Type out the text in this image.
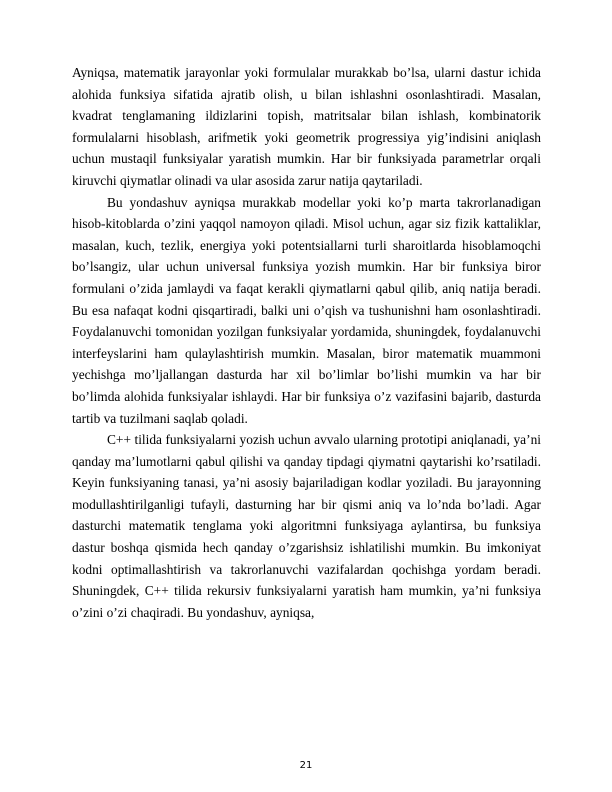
Ayniqsa, matematik jarayonlar yoki formulalar murakkab bo’lsa, ularni dastur ichida alohida funksiya sifatida ajratib olish, u bilan ishlashni osonlashtiradi. Masalan, kvadrat tenglamaning ildizlarini topish, matritsalar bilan ishlash, kombinatorik formulalarni hisoblash, arifmetik yoki geometrik progressiya yig’indisini aniqlash uchun mustaqil funksiyalar yaratish mumkin. Har bir funksiyada parametrlar orqali kiruvchi qiymatlar olinadi va ular asosida zarur natija qaytariladi.

Bu yondashuv ayniqsa murakkab modellar yoki ko’p marta takrorlanadigan hisob-kitoblarda o’zini yaqqol namoyon qiladi. Misol uchun, agar siz fizik kattaliklar, masalan, kuch, tezlik, energiya yoki potentsiallarni turli sharoitlarda hisoblamoqchi bo’lsangiz, ular uchun universal funksiya yozish mumkin. Har bir funksiya biror formulani o’zida jamlaydi va faqat kerakli qiymatlarni qabul qilib, aniq natija beradi. Bu esa nafaqat kodni qisqartiradi, balki uni o’qish va tushunishni ham osonlashtiradi. Foydalanuvchi tomonidan yozilgan funksiyalar yordamida, shuningdek, foydalanuvchi interfeyslarini ham qulaylashtirish mumkin. Masalan, biror matematik muammoni yechishga mo’ljallangan dasturda har xil bo’limlar bo’lishi mumkin va har bir bo’limda alohida funksiyalar ishlaydi. Har bir funksiya o’z vazifasini bajarib, dasturda tartib va tuzilmani saqlab qoladi.

C++ tilida funksiyalarni yozish uchun avvalo ularning prototipi aniqlanadi, ya’ni qanday ma’lumotlarni qabul qilishi va qanday tipdagi qiymatni qaytarishi ko’rsatiladi. Keyin funksiyaning tanasi, ya’ni asosiy bajariladigan kodlar yoziladi. Bu jarayonning modullashtirilganligi tufayli, dasturning har bir qismi aniq va lo’nda bo’ladi. Agar dasturchi matematik tenglama yoki algoritmni funksiyaga aylantirsa, bu funksiya dastur boshqa qismida hech qanday o’zgarishsiz ishlatilishi mumkin. Bu imkoniyat kodni optimallashtirish va takrorlanuvchi vazifalardan qochishga yordam beradi. Shuningdek, C++ tilida rekursiv funksiyalarni yaratish ham mumkin, ya’ni funksiya o’zini o’zi chaqiradi. Bu yondashuv, ayniqsa,

21
